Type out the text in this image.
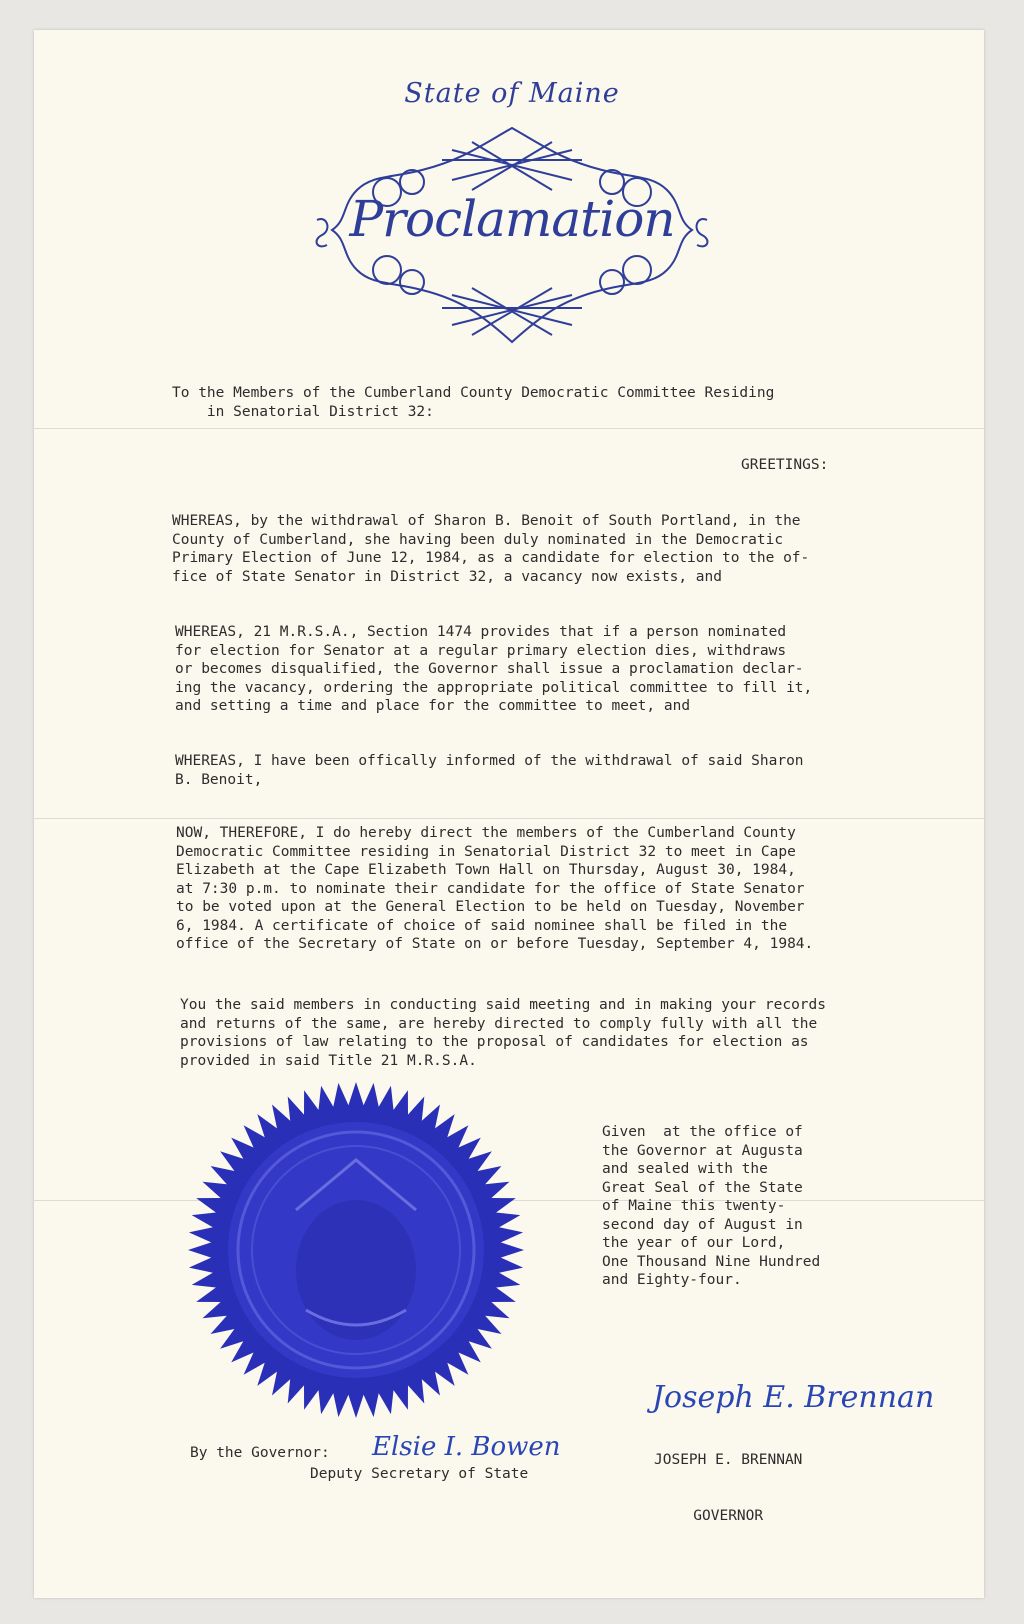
State of Maine
Proclamation
To the Members of the Cumberland County Democratic Committee Residing
in Senatorial District 32:
GREETINGS:
WHEREAS, by the withdrawal of Sharon B. Benoit of South Portland, in the
County of Cumberland, she having been duly nominated in the Democratic
Primary Election of June 12, 1984, as a candidate for election to the of-
fice of State Senator in District 32, a vacancy now exists, and
WHEREAS, 21 M.R.S.A., Section 1474 provides that if a person nominated
for election for Senator at a regular primary election dies, withdraws
or becomes disqualified, the Governor shall issue a proclamation declar-
ing the vacancy, ordering the appropriate political committee to fill it,
and setting a time and place for the committee to meet, and
WHEREAS, I have been offically informed of the withdrawal of said Sharon
B. Benoit,
NOW, THEREFORE, I do hereby direct the members of the Cumberland County
Democratic Committee residing in Senatorial District 32 to meet in Cape
Elizabeth at the Cape Elizabeth Town Hall on Thursday, August 30, 1984,
at 7:30 p.m. to nominate their candidate for the office of State Senator
to be voted upon at the General Election to be held on Tuesday, November
6, 1984. A certificate of choice of said nominee shall be filed in the
office of the Secretary of State on or before Tuesday, September 4, 1984.
You the said members in conducting said meeting and in making your records
and returns of the same, are hereby directed to comply fully with all the
provisions of law relating to the proposal of candidates for election as
provided in said Title 21 M.R.S.A.
Given  at the office of
the Governor at Augusta
and sealed with the
Great Seal of the State
of Maine this twenty-
second day of August in
the year of our Lord,
One Thousand Nine Hundred
and Eighty-four.
Joseph E. Brennan

JOSEPH E. BRENNAN

GOVERNOR

By the Governor: Elsie I. Bowen
Deputy Secretary of State
